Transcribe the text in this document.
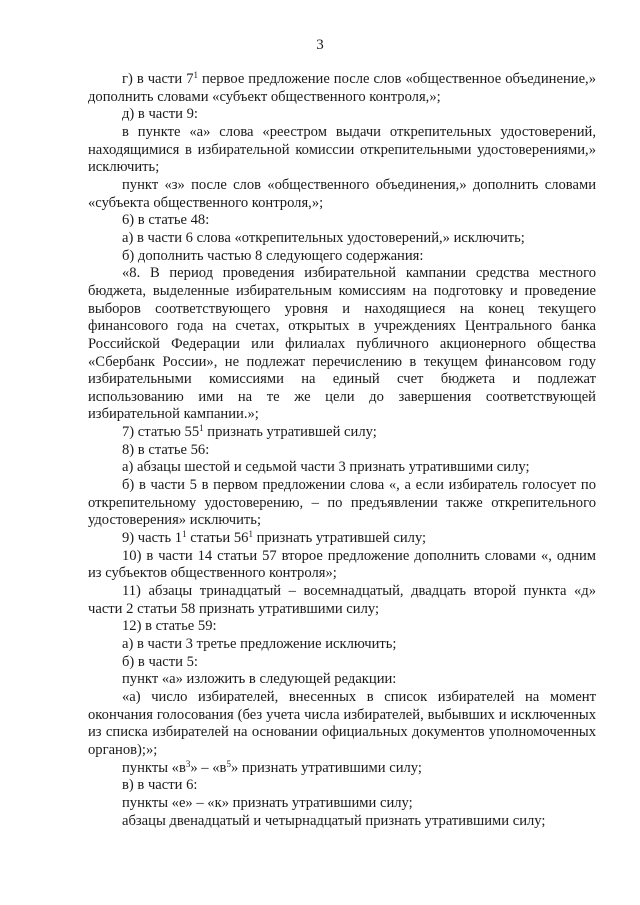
3

г) в части $7^1$ первое предложение после слов «общественное объединение,» дополнить словами «субъект общественного контроля,»;

д) в части 9:

в пункте «а» слова «реестром выдачи открепительных удостоверений, находящимися в избирательной комиссии открепительными удостоверениями,» исключить;

пункт «з» после слов «общественного объединения,» дополнить словами «субъекта общественного контроля,»;

6) в статье 48:

а) в части 6 слова «открепительных удостоверений,» исключить;

б) дополнить частью 8 следующего содержания:

«8. В период проведения избирательной кампании средства местного бюджета, выделенные избирательным комиссиям на подготовку и проведение выборов соответствующего уровня и находящиеся на конец текущего финансового года на счетах, открытых в учреждениях Центрального банка Российской Федерации или филиалах публичного акционерного общества «Сбербанк России», не подлежат перечислению в текущем финансовом году избирательными комиссиями на единый счет бюджета и подлежат использованию ими на те же цели до завершения соответствующей избирательной кампании.»;

7) статью $55^1$ признать утратившей силу;

8) в статье 56:

а) абзацы шестой и седьмой части 3 признать утратившими силу;

б) в части 5 в первом предложении слова «, а если избиратель голосует по открепительному удостоверению, – по предъявлении также открепительного удостоверения» исключить;

9) часть $1^1$ статьи $56^1$ признать утратившей силу;

10) в части 14 статьи 57 второе предложение дополнить словами «, одним из субъектов общественного контроля»;

11) абзацы тринадцатый – восемнадцатый, двадцать второй пункта «д» части 2 статьи 58 признать утратившими силу;

12) в статье 59:

а) в части 3 третье предложение исключить;

б) в части 5:

пункт «а» изложить в следующей редакции:

«а) число избирателей, внесенных в список избирателей на момент окончания голосования (без учета числа избирателей, выбывших и исключенных из списка избирателей на основании официальных документов уполномоченных органов);»;

пункты «$в^3$» – «$в^5$» признать утратившими силу;

в) в части 6:

пункты «е» – «к» признать утратившими силу;

абзацы двенадцатый и четырнадцатый признать утратившими силу;
